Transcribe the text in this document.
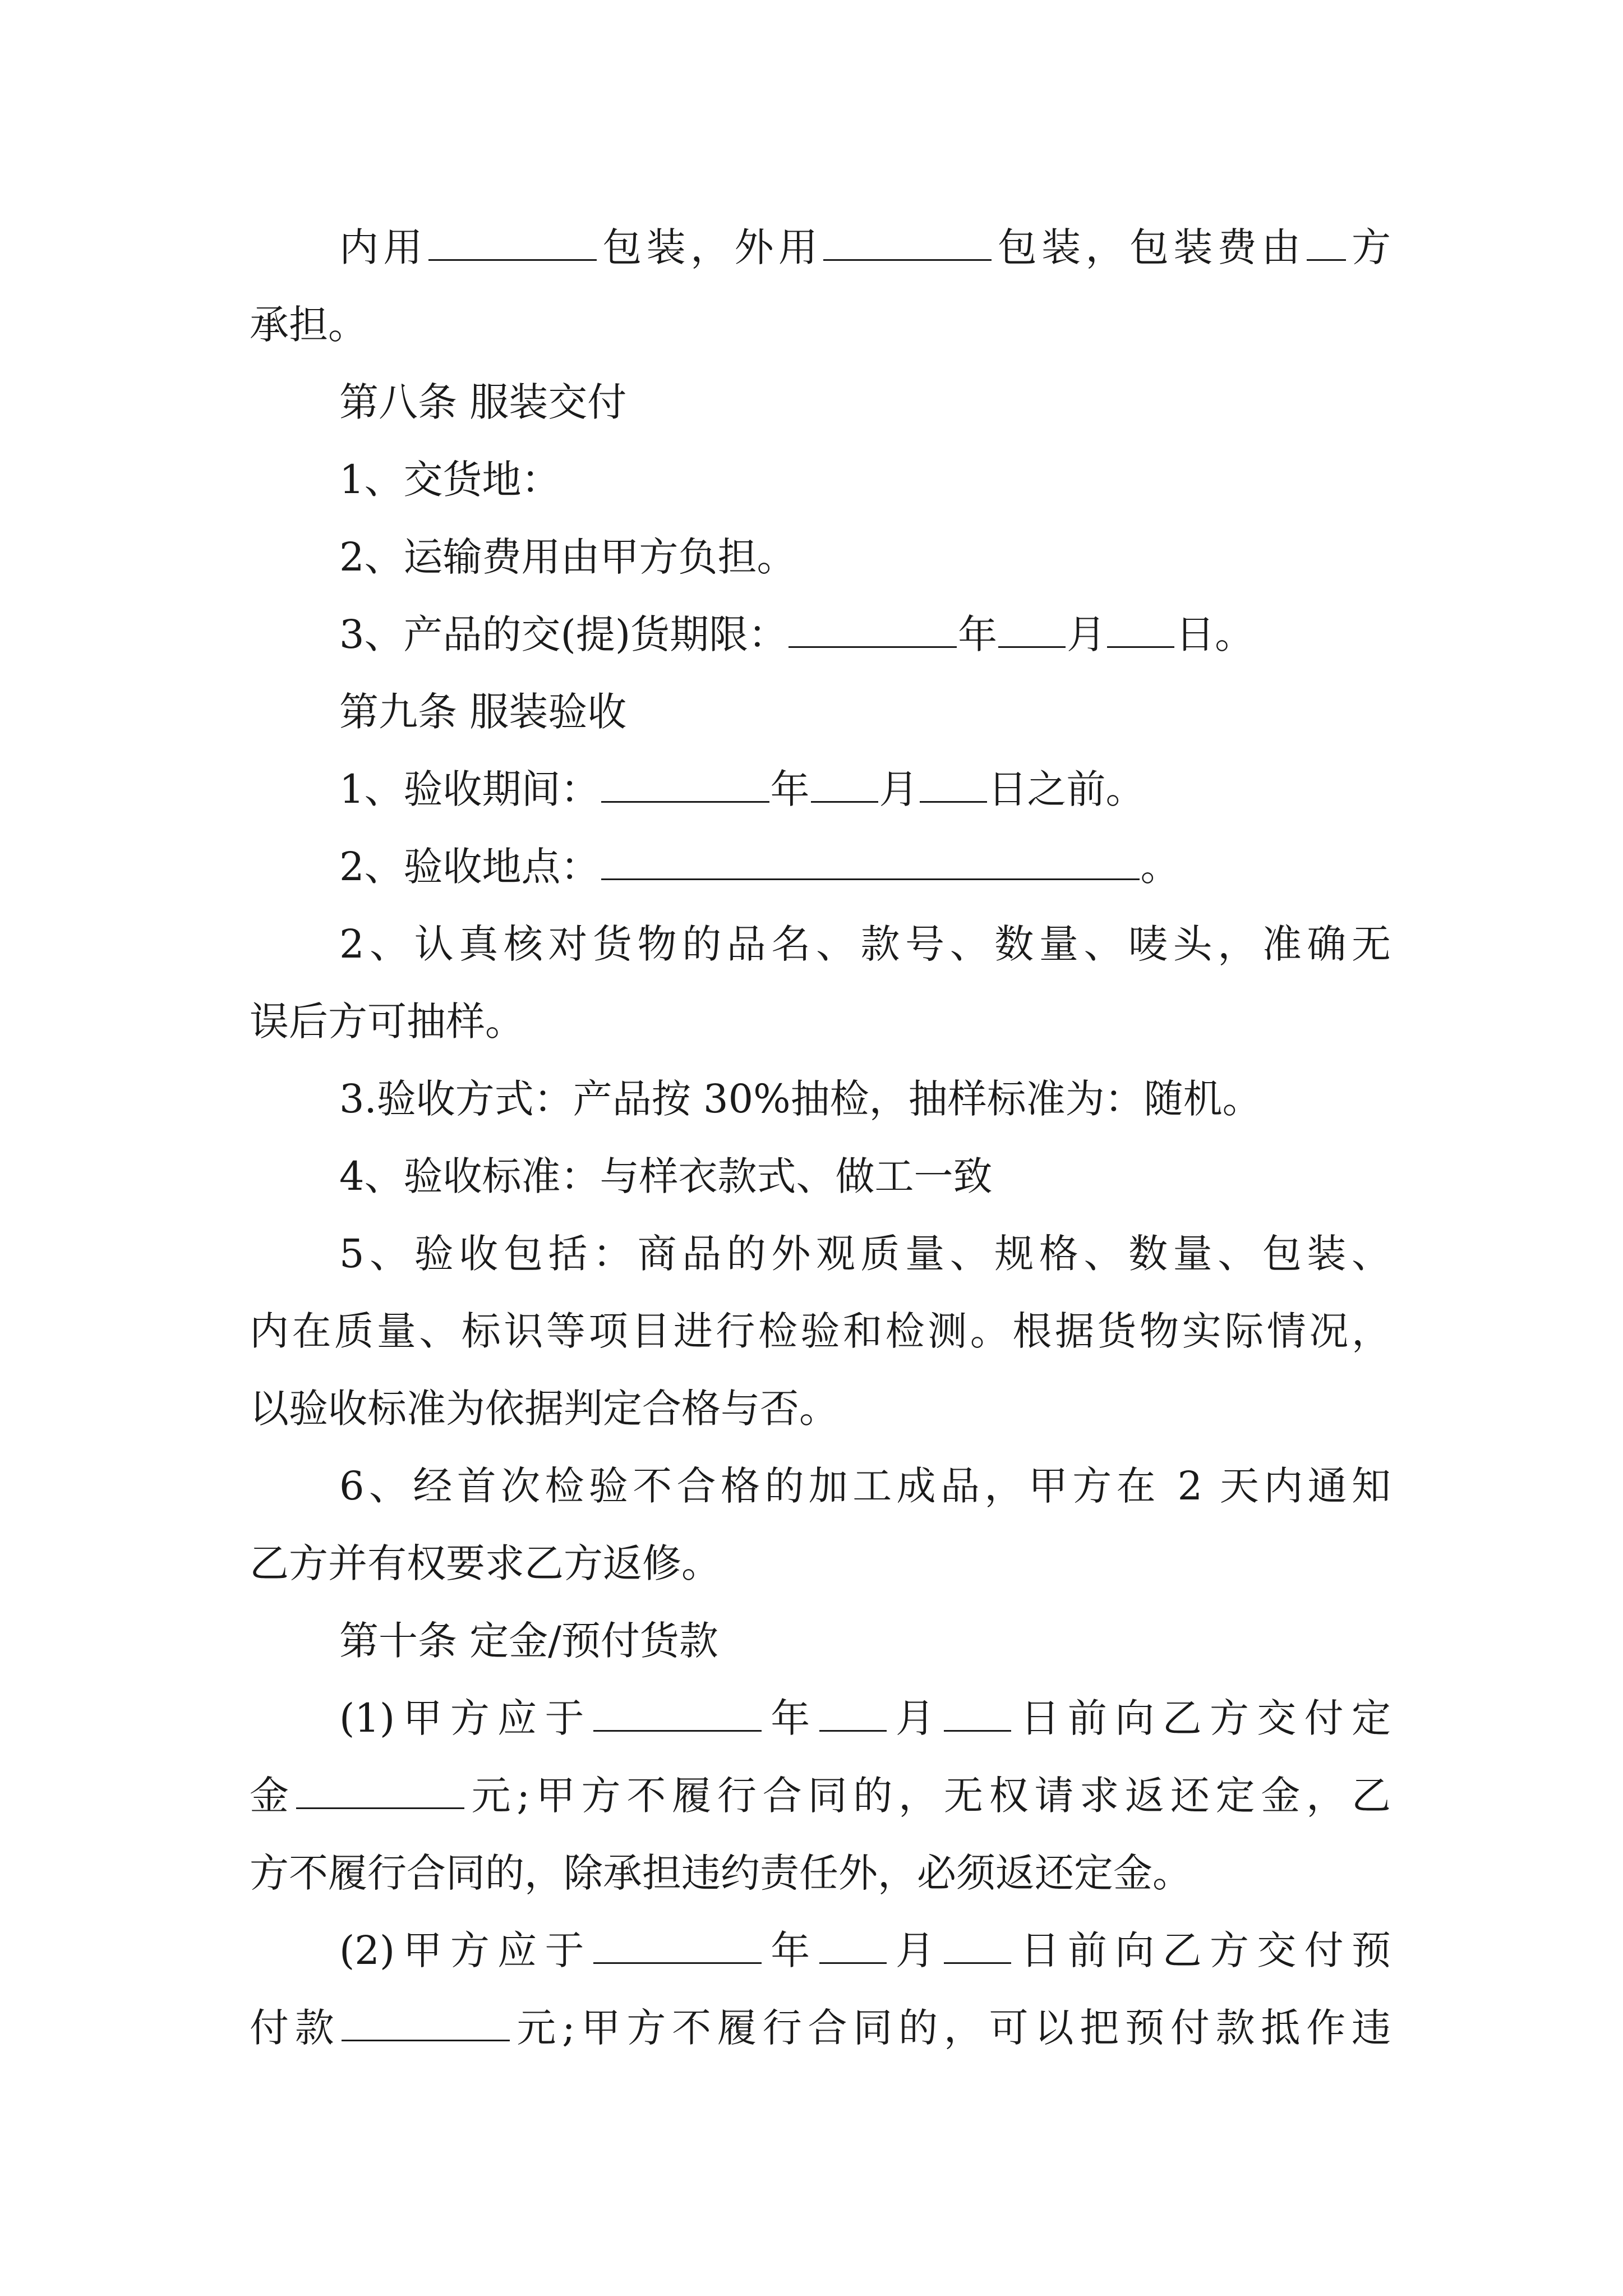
内用	包装，外用	包装，包装费由 方
承担。
第八条 服装交付
1、交货地：
2、运输费用由甲方负担。
3、产品的交(提)货期限：	年 月 日。
第九条 服装验收
1、验收期间：	年 月 日之前。
2、验收地点：	。
2、认真核对货物的品名、款号、数量、唛头，准确无
误后方可抽样。
3.验收方式：产品按 30%抽检，抽样标准为：随机。
4、验收标准：与样衣款式、做工一致
5、验收包括：商品的外观质量、规格、数量、包装、
内在质量、标识等项目进行检验和检测。根据货物实际情况，
以验收标准为依据判定合格与否。
6、经首次检验不合格的加工成品，甲方在 2 天内通知
乙方并有权要求乙方返修。
第十条 定金/预付货款
(1)甲方应于	年 月 日前向乙方交付定
金	元;甲方不履行合同的，无权请求返还定金，乙
方不履行合同的，除承担违约责任外，必须返还定金。
(2)甲方应于	年 月 日前向乙方交付预
付款	元;甲方不履行合同的，可以把预付款抵作违
